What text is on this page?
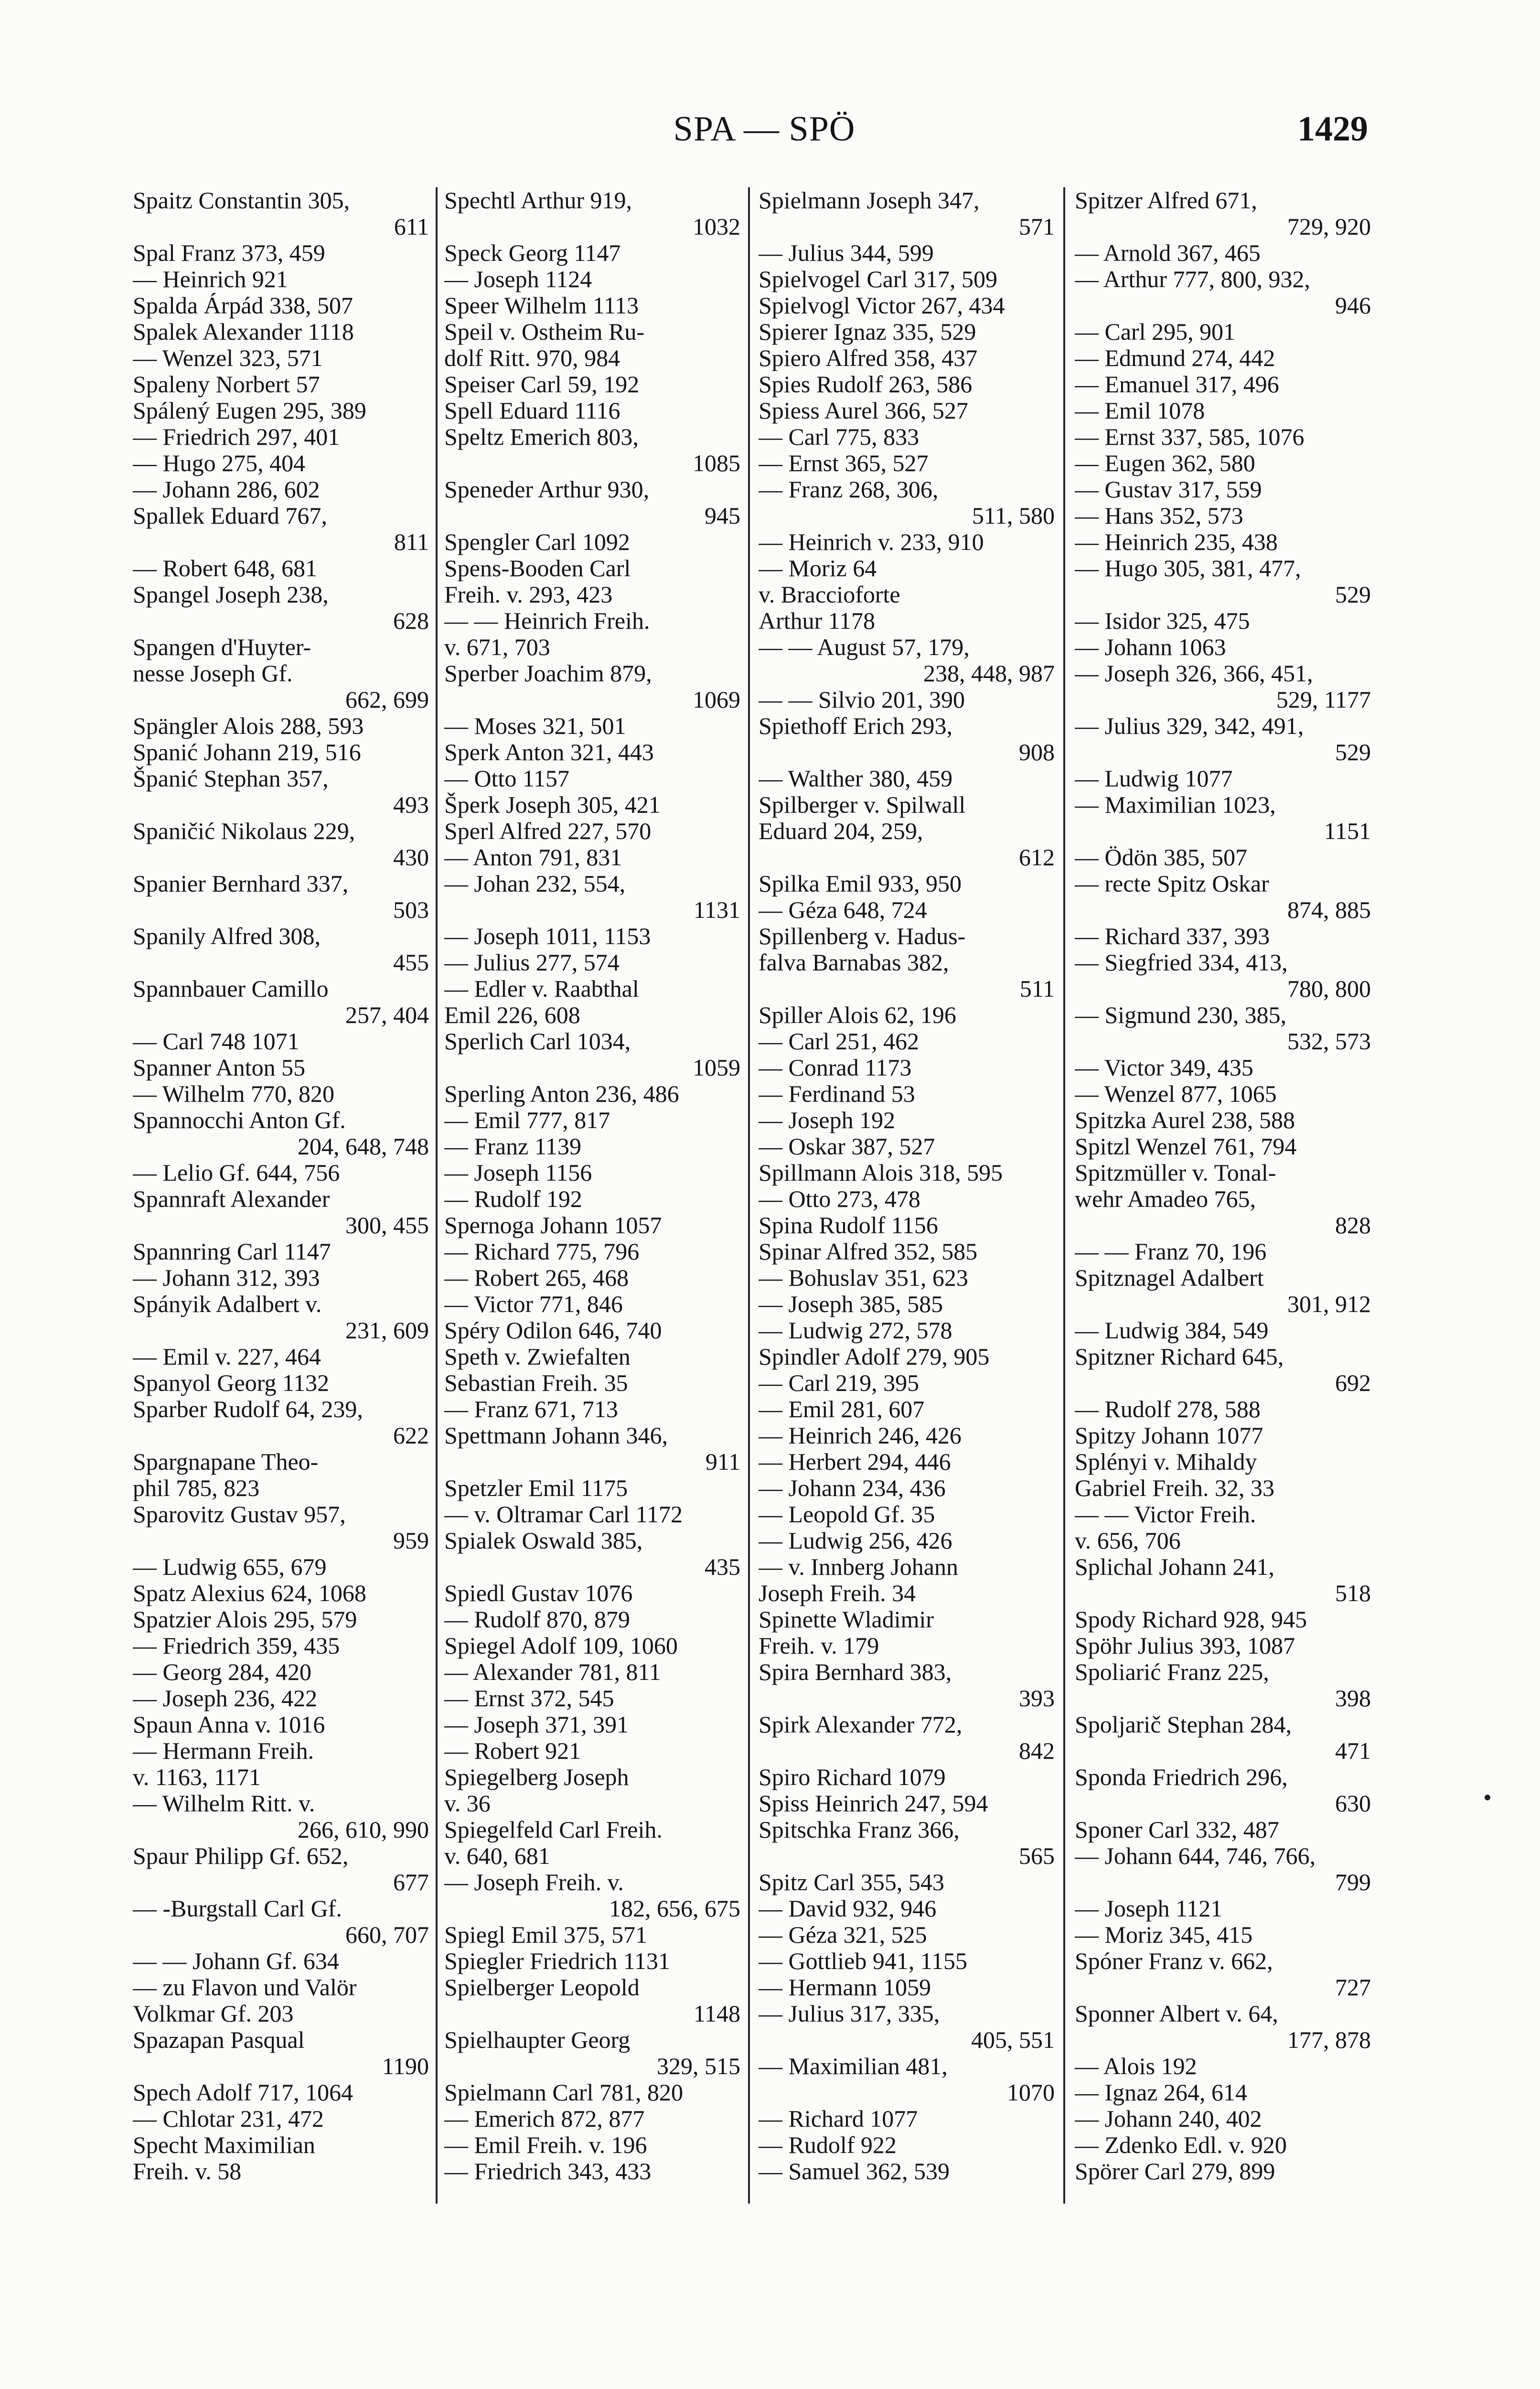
SPA — SPÖ	1429
Spaitz Constantin 305,
611
Spal Franz 373, 459
— Heinrich 921
Spalda Árpád 338, 507
Spalek Alexander 1118
— Wenzel 323, 571
Spaleny Norbert 57
Spálený Eugen 295, 389
— Friedrich 297, 401
— Hugo 275, 404
— Johann 286, 602
Spallek Eduard 767,
811
— Robert 648, 681
Spangel Joseph 238,
628
Spangen d'Huyter-
nesse Joseph Gf.
662, 699
Spängler Alois 288, 593
Spanić Johann 219, 516
Španić Stephan 357,
493
Spaničić Nikolaus 229,
430
Spanier Bernhard 337,
503
Spanily Alfred 308,
455
Spannbauer Camillo
257, 404
— Carl 748 1071
Spanner Anton 55
— Wilhelm 770, 820
Spannocchi Anton Gf.
204, 648, 748
— Lelio Gf. 644, 756
Spannraft Alexander
300, 455
Spannring Carl 1147
— Johann 312, 393
Spányik Adalbert v.
231, 609
— Emil v. 227, 464
Spanyol Georg 1132
Sparber Rudolf 64, 239,
622
Spargnapane Theo-
phil 785, 823
Sparovitz Gustav 957,
959
— Ludwig 655, 679
Spatz Alexius 624, 1068
Spatzier Alois 295, 579
— Friedrich 359, 435
— Georg 284, 420
— Joseph 236, 422
Spaun Anna v. 1016
— Hermann Freih.
v. 1163, 1171
— Wilhelm Ritt. v.
266, 610, 990
Spaur Philipp Gf. 652,
677
— -Burgstall Carl Gf.
660, 707
— — Johann Gf. 634
— zu Flavon und Valör
Volkmar Gf. 203
Spazapan Pasqual
1190
Spech Adolf 717, 1064
— Chlotar 231, 472
Specht Maximilian
Freih. v. 58
Spechtl Arthur 919,
1032
Speck Georg 1147
— Joseph 1124
Speer Wilhelm 1113
Speil v. Ostheim Ru-
dolf Ritt. 970, 984
Speiser Carl 59, 192
Spell Eduard 1116
Speltz Emerich 803,
1085
Speneder Arthur 930,
945
Spengler Carl 1092
Spens-Booden Carl
Freih. v. 293, 423
— — Heinrich Freih.
v. 671, 703
Sperber Joachim 879,
1069
— Moses 321, 501
Sperk Anton 321, 443
— Otto 1157
Šperk Joseph 305, 421
Sperl Alfred 227, 570
— Anton 791, 831
— Johan 232, 554,
1131
— Joseph 1011, 1153
— Julius 277, 574
— Edler v. Raabthal
Emil 226, 608
Sperlich Carl 1034,
1059
Sperling Anton 236, 486
— Emil 777, 817
— Franz 1139
— Joseph 1156
— Rudolf 192
Spernoga Johann 1057
— Richard 775, 796
— Robert 265, 468
— Victor 771, 846
Spéry Odilon 646, 740
Speth v. Zwiefalten
Sebastian Freih. 35
— Franz 671, 713
Spettmann Johann 346,
911
Spetzler Emil 1175
— v. Oltramar Carl 1172
Spialek Oswald 385,
435
Spiedl Gustav 1076
— Rudolf 870, 879
Spiegel Adolf 109, 1060
— Alexander 781, 811
— Ernst 372, 545
— Joseph 371, 391
— Robert 921
Spiegelberg Joseph
v. 36
Spiegelfeld Carl Freih.
v. 640, 681
— Joseph Freih. v.
182, 656, 675
Spiegl Emil 375, 571
Spiegler Friedrich 1131
Spielberger Leopold
1148
Spielhaupter Georg
329, 515
Spielmann Carl 781, 820
— Emerich 872, 877
— Emil Freih. v. 196
— Friedrich 343, 433
Spielmann Joseph 347,
571
— Julius 344, 599
Spielvogel Carl 317, 509
Spielvogl Victor 267, 434
Spierer Ignaz 335, 529
Spiero Alfred 358, 437
Spies Rudolf 263, 586
Spiess Aurel 366, 527
— Carl 775, 833
— Ernst 365, 527
— Franz 268, 306,
511, 580
— Heinrich v. 233, 910
— Moriz 64
v. Braccioforte
Arthur 1178
— — August 57, 179,
238, 448, 987
— — Silvio 201, 390
Spiethoff Erich 293,
908
— Walther 380, 459
Spilberger v. Spilwall
Eduard 204, 259,
612
Spilka Emil 933, 950
— Géza 648, 724
Spillenberg v. Hadus-
falva Barnabas 382,
511
Spiller Alois 62, 196
— Carl 251, 462
— Conrad 1173
— Ferdinand 53
— Joseph 192
— Oskar 387, 527
Spillmann Alois 318, 595
— Otto 273, 478
Spina Rudolf 1156
Spinar Alfred 352, 585
— Bohuslav 351, 623
— Joseph 385, 585
— Ludwig 272, 578
Spindler Adolf 279, 905
— Carl 219, 395
— Emil 281, 607
— Heinrich 246, 426
— Herbert 294, 446
— Johann 234, 436
— Leopold Gf. 35
— Ludwig 256, 426
— v. Innberg Johann
Joseph Freih. 34
Spinette Wladimir
Freih. v. 179
Spira Bernhard 383,
393
Spirk Alexander 772,
842
Spiro Richard 1079
Spiss Heinrich 247, 594
Spitschka Franz 366,
565
Spitz Carl 355, 543
— David 932, 946
— Géza 321, 525
— Gottlieb 941, 1155
— Hermann 1059
— Julius 317, 335,
405, 551
— Maximilian 481,
1070
— Richard 1077
— Rudolf 922
— Samuel 362, 539
Spitzer Alfred 671,
729, 920
— Arnold 367, 465
— Arthur 777, 800, 932,
946
— Carl 295, 901
— Edmund 274, 442
— Emanuel 317, 496
— Emil 1078
— Ernst 337, 585, 1076
— Eugen 362, 580
— Gustav 317, 559
— Hans 352, 573
— Heinrich 235, 438
— Hugo 305, 381, 477,
529
— Isidor 325, 475
— Johann 1063
— Joseph 326, 366, 451,
529, 1177
— Julius 329, 342, 491,
529
— Ludwig 1077
— Maximilian 1023,
1151
— Ödön 385, 507
— recte Spitz Oskar
874, 885
— Richard 337, 393
— Siegfried 334, 413,
780, 800
— Sigmund 230, 385,
532, 573
— Victor 349, 435
— Wenzel 877, 1065
Spitzka Aurel 238, 588
Spitzl Wenzel 761, 794
Spitzmüller v. Tonal-
wehr Amadeo 765,
828
— — Franz 70, 196
Spitznagel Adalbert
301, 912
— Ludwig 384, 549
Spitzner Richard 645,
692
— Rudolf 278, 588
Spitzy Johann 1077
Splényi v. Mihaldy
Gabriel Freih. 32, 33
— — Victor Freih.
v. 656, 706
Splichal Johann 241,
518
Spody Richard 928, 945
Spöhr Julius 393, 1087
Spoliarić Franz 225,
398
Spoljarič Stephan 284,
471
Sponda Friedrich 296,
630
Sponer Carl 332, 487
— Johann 644, 746, 766,
799
— Joseph 1121
— Moriz 345, 415
Spóner Franz v. 662,
727
Sponner Albert v. 64,
177, 878
— Alois 192
— Ignaz 264, 614
— Johann 240, 402
— Zdenko Edl. v. 920
Spörer Carl 279, 899
